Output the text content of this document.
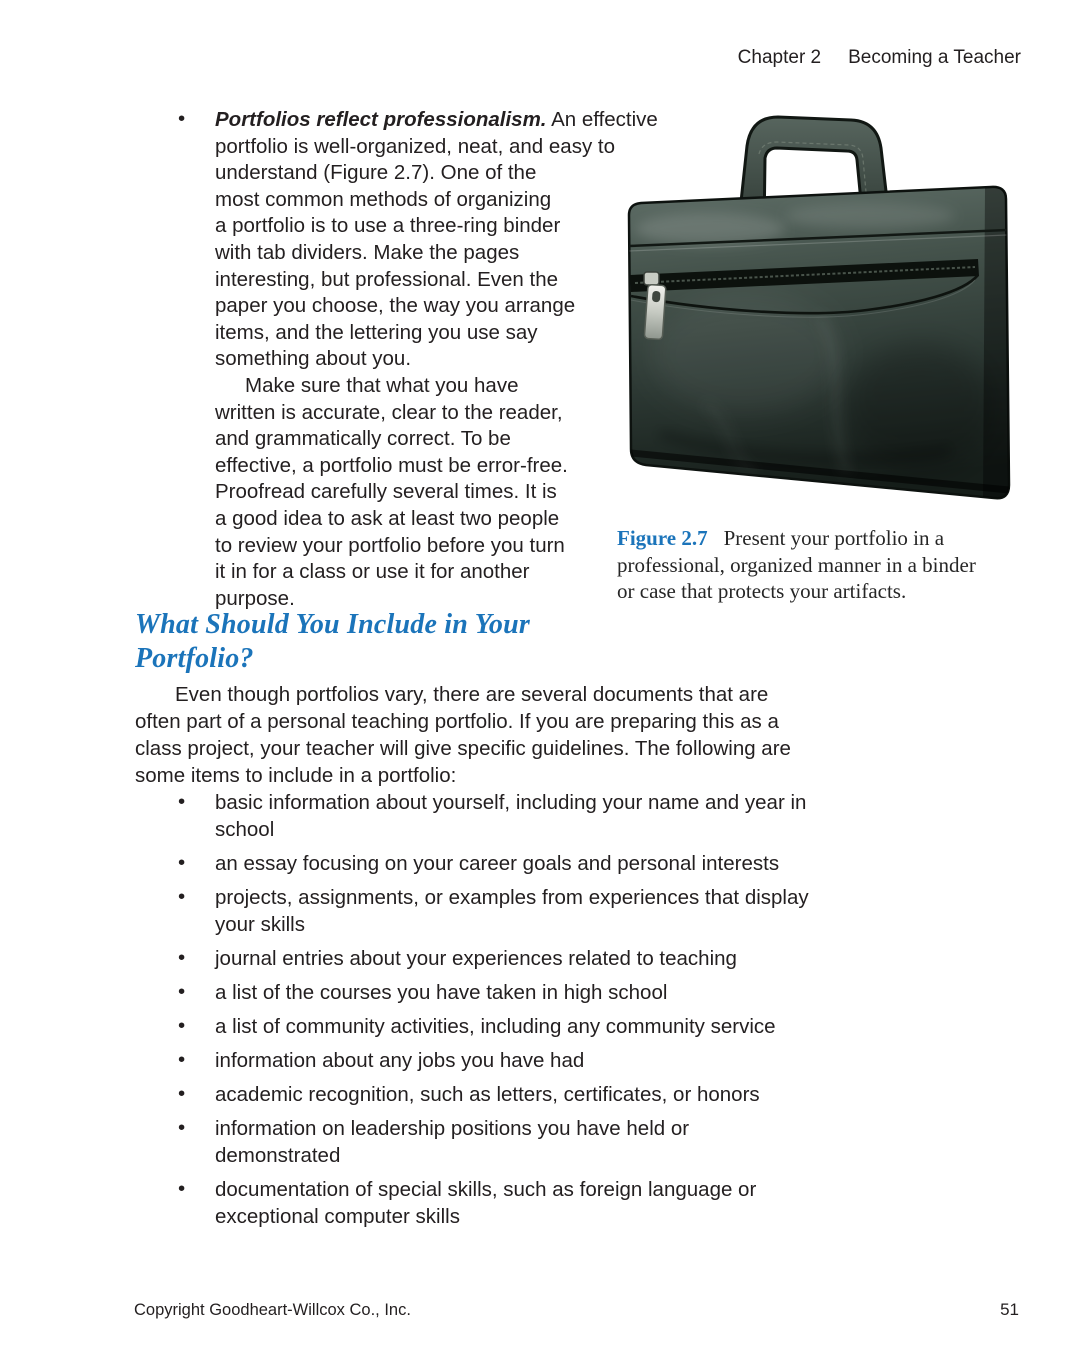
Chapter 2 Becoming a Teacher
• Portfolios reflect professionalism. An effective
portfolio is well-organized, neat, and easy to
understand (Figure 2.7). One of the
most common methods of organizing
a portfolio is to use a three-ring binder
with tab dividers. Make the pages
interesting, but professional. Even the
paper you choose, the way you arrange
items, and the lettering you use say
something about you.
Make sure that what you have
written is accurate, clear to the reader,
and grammatically correct. To be
effective, a portfolio must be error-free.
Proofread carefully several times. It is
a good idea to ask at least two people
to review your portfolio before you turn
it in for a class or use it for another
purpose.
Figure 2.7 Present your portfolio in a
professional, organized manner in a binder
or case that protects your artifacts.
What Should You Include in Your
Portfolio?
Even though portfolios vary, there are several documents that are
often part of a personal teaching portfolio. If you are preparing this as a
class project, your teacher will give specific guidelines. The following are
some items to include in a portfolio:
• basic information about yourself, including your name and year in
school
• an essay focusing on your career goals and personal interests
• projects, assignments, or examples from experiences that display
your skills
• journal entries about your experiences related to teaching
• a list of the courses you have taken in high school
• a list of community activities, including any community service
• information about any jobs you have had
• academic recognition, such as letters, certificates, or honors
• information on leadership positions you have held or
demonstrated
• documentation of special skills, such as foreign language or
exceptional computer skills
Copyright Goodheart-Willcox Co., Inc.	51
